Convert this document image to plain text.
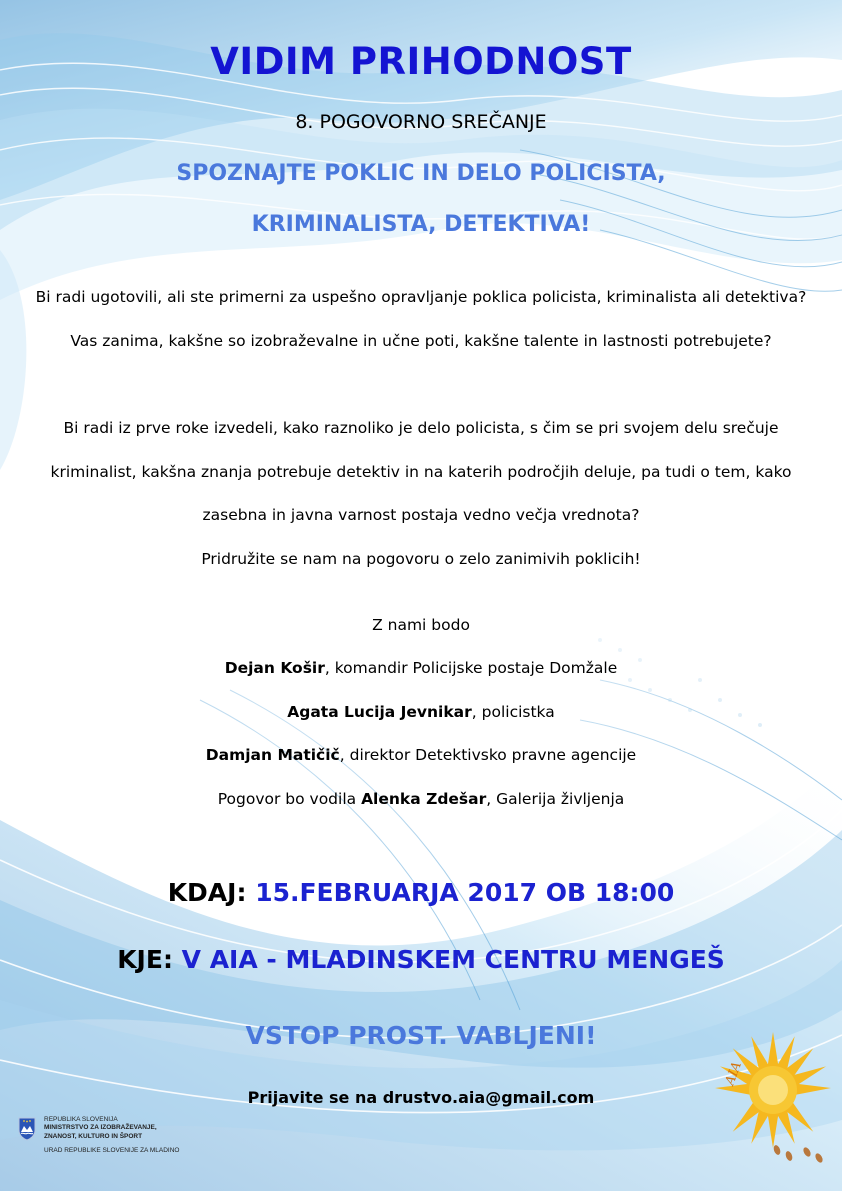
VIDIM PRIHODNOST
8. POGOVORNO SREČANJE
SPOZNAJTE POKLIC IN DELO POLICISTA,
KRIMINALISTA, DETEKTIVA!
Bi radi ugotovili, ali ste primerni za uspešno opravljanje poklica policista, kriminalista ali detektiva? Vas zanima, kakšne so izobraževalne in učne poti, kakšne talente in lastnosti potrebujete?
Bi radi iz prve roke izvedeli, kako raznoliko je delo policista, s čim se pri svojem delu srečuje kriminalist, kakšna znanja potrebuje detektiv in na katerih področjih deluje, pa tudi o tem, kako zasebna in javna varnost postaja vedno večja vrednota?
Pridružite se nam na pogovoru o zelo zanimivih poklicih!
Z nami bodo
Dejan Košir, komandir Policijske postaje Domžale
Agata Lucija Jevnikar, policistka
Damjan Matičič, direktor Detektivsko pravne agencije
Pogovor bo vodila Alenka Zdešar, Galerija življenja
KDAJ: 15.FEBRUARJA 2017 OB 18:00
KJE: V AIA - MLADINSKEM CENTRU MENGEŠ
VSTOP PROST. VABLJENI!
Prijavite se na drustvo.aia@gmail.com
REPUBLIKA SLOVENIJA
MINISTRSTVO ZA IZOBRAŽEVANJE,
ZNANOST, KULTURO IN ŠPORT
URAD REPUBLIKE SLOVENIJE ZA MLADINO
AIA
